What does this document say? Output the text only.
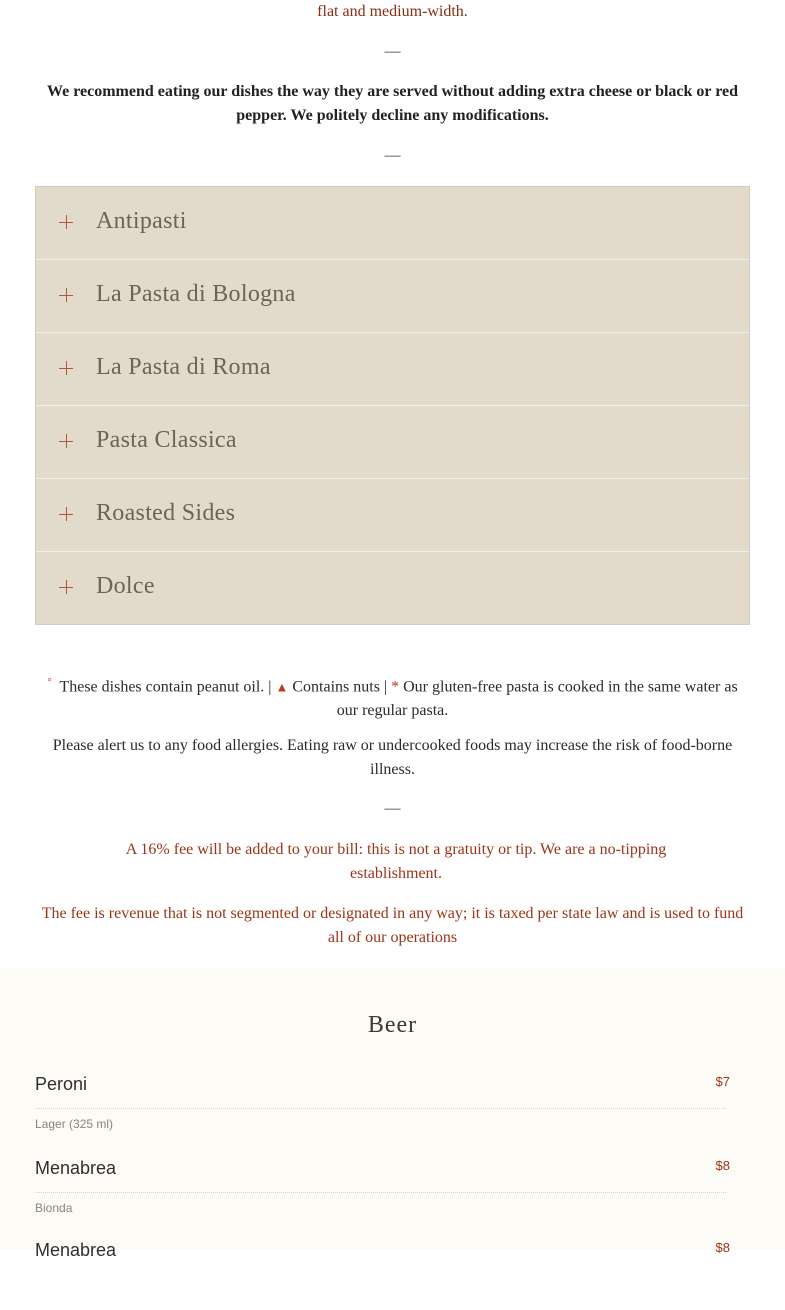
flat and medium-width.
—
We recommend eating our dishes the way they are served without adding extra cheese or black or red pepper. We politely decline any modifications.
—
Antipasti
La Pasta di Bologna
La Pasta di Roma
Pasta Classica
Roasted Sides
Dolce
° These dishes contain peanut oil. | ▲ Contains nuts | * Our gluten-free pasta is cooked in the same water as our regular pasta.
Please alert us to any food allergies. Eating raw or undercooked foods may increase the risk of food-borne illness.
—
A 16% fee will be added to your bill: this is not a gratuity or tip. We are a no-tipping establishment.
The fee is revenue that is not segmented or designated in any way; it is taxed per state law and is used to fund all of our operations
Beer
Peroni	$7
Lager (325 ml)
Menabrea	$8
Bionda
Menabrea	$8
